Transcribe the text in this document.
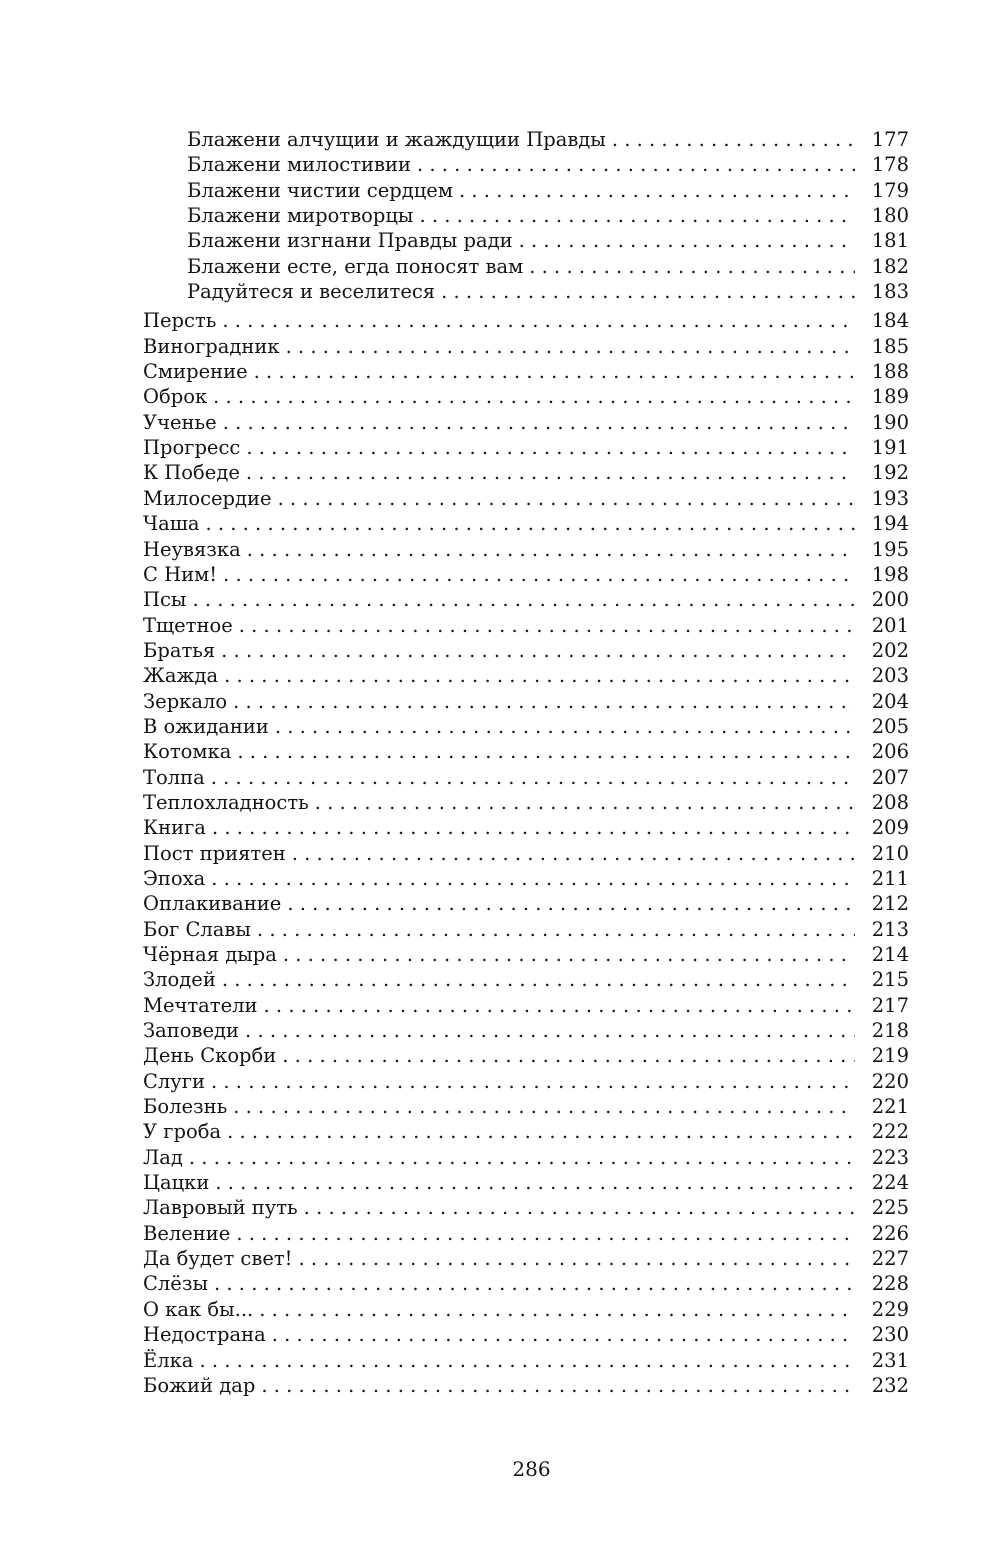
Блажени алчущии и жаждущии Правды . . .	177
Блажени милостивии . . .	178
Блажени чистии сердцем . . .	179
Блажени миротворцы . . .	180
Блажени изгнани Правды ради . . .	181
Блажени есте, егда поносят вам . . .	182
Радуйтеся и веселитеся . . .	183
Персть . . .	184
Виноградник . . .	185
Смирение . . .	188
Оброк . . .	189
Ученье . . .	190
Прогресс . . .	191
К Победе . . .	192
Милосердие . . .	193
Чаша . . .	194
Неувязка . . .	195
С Ним! . . .	198
Псы . . .	200
Тщетное . . .	201
Братья . . .	202
Жажда . . .	203
Зеркало . . .	204
В ожидании . . .	205
Котомка . . .	206
Толпа . . .	207
Теплохладность . . .	208
Книга . . .	209
Пост приятен . . .	210
Эпоха . . .	211
Оплакивание . . .	212
Бог Славы . . .	213
Чёрная дыра . . .	214
Злодей . . .	215
Мечтатели . . .	217
Заповеди . . .	218
День Скорби . . .	219
Слуги . . .	220
Болезнь . . .	221
У гроба . . .	222
Лад . . .	223
Цацки . . .	224
Лавровый путь . . .	225
Веление . . .	226
Да будет свет! . . .	227
Слёзы . . .	228
О как бы... . . .	229
Недострана . . .	230
Ёлка . . .	231
Божий дар . . .	232
286
